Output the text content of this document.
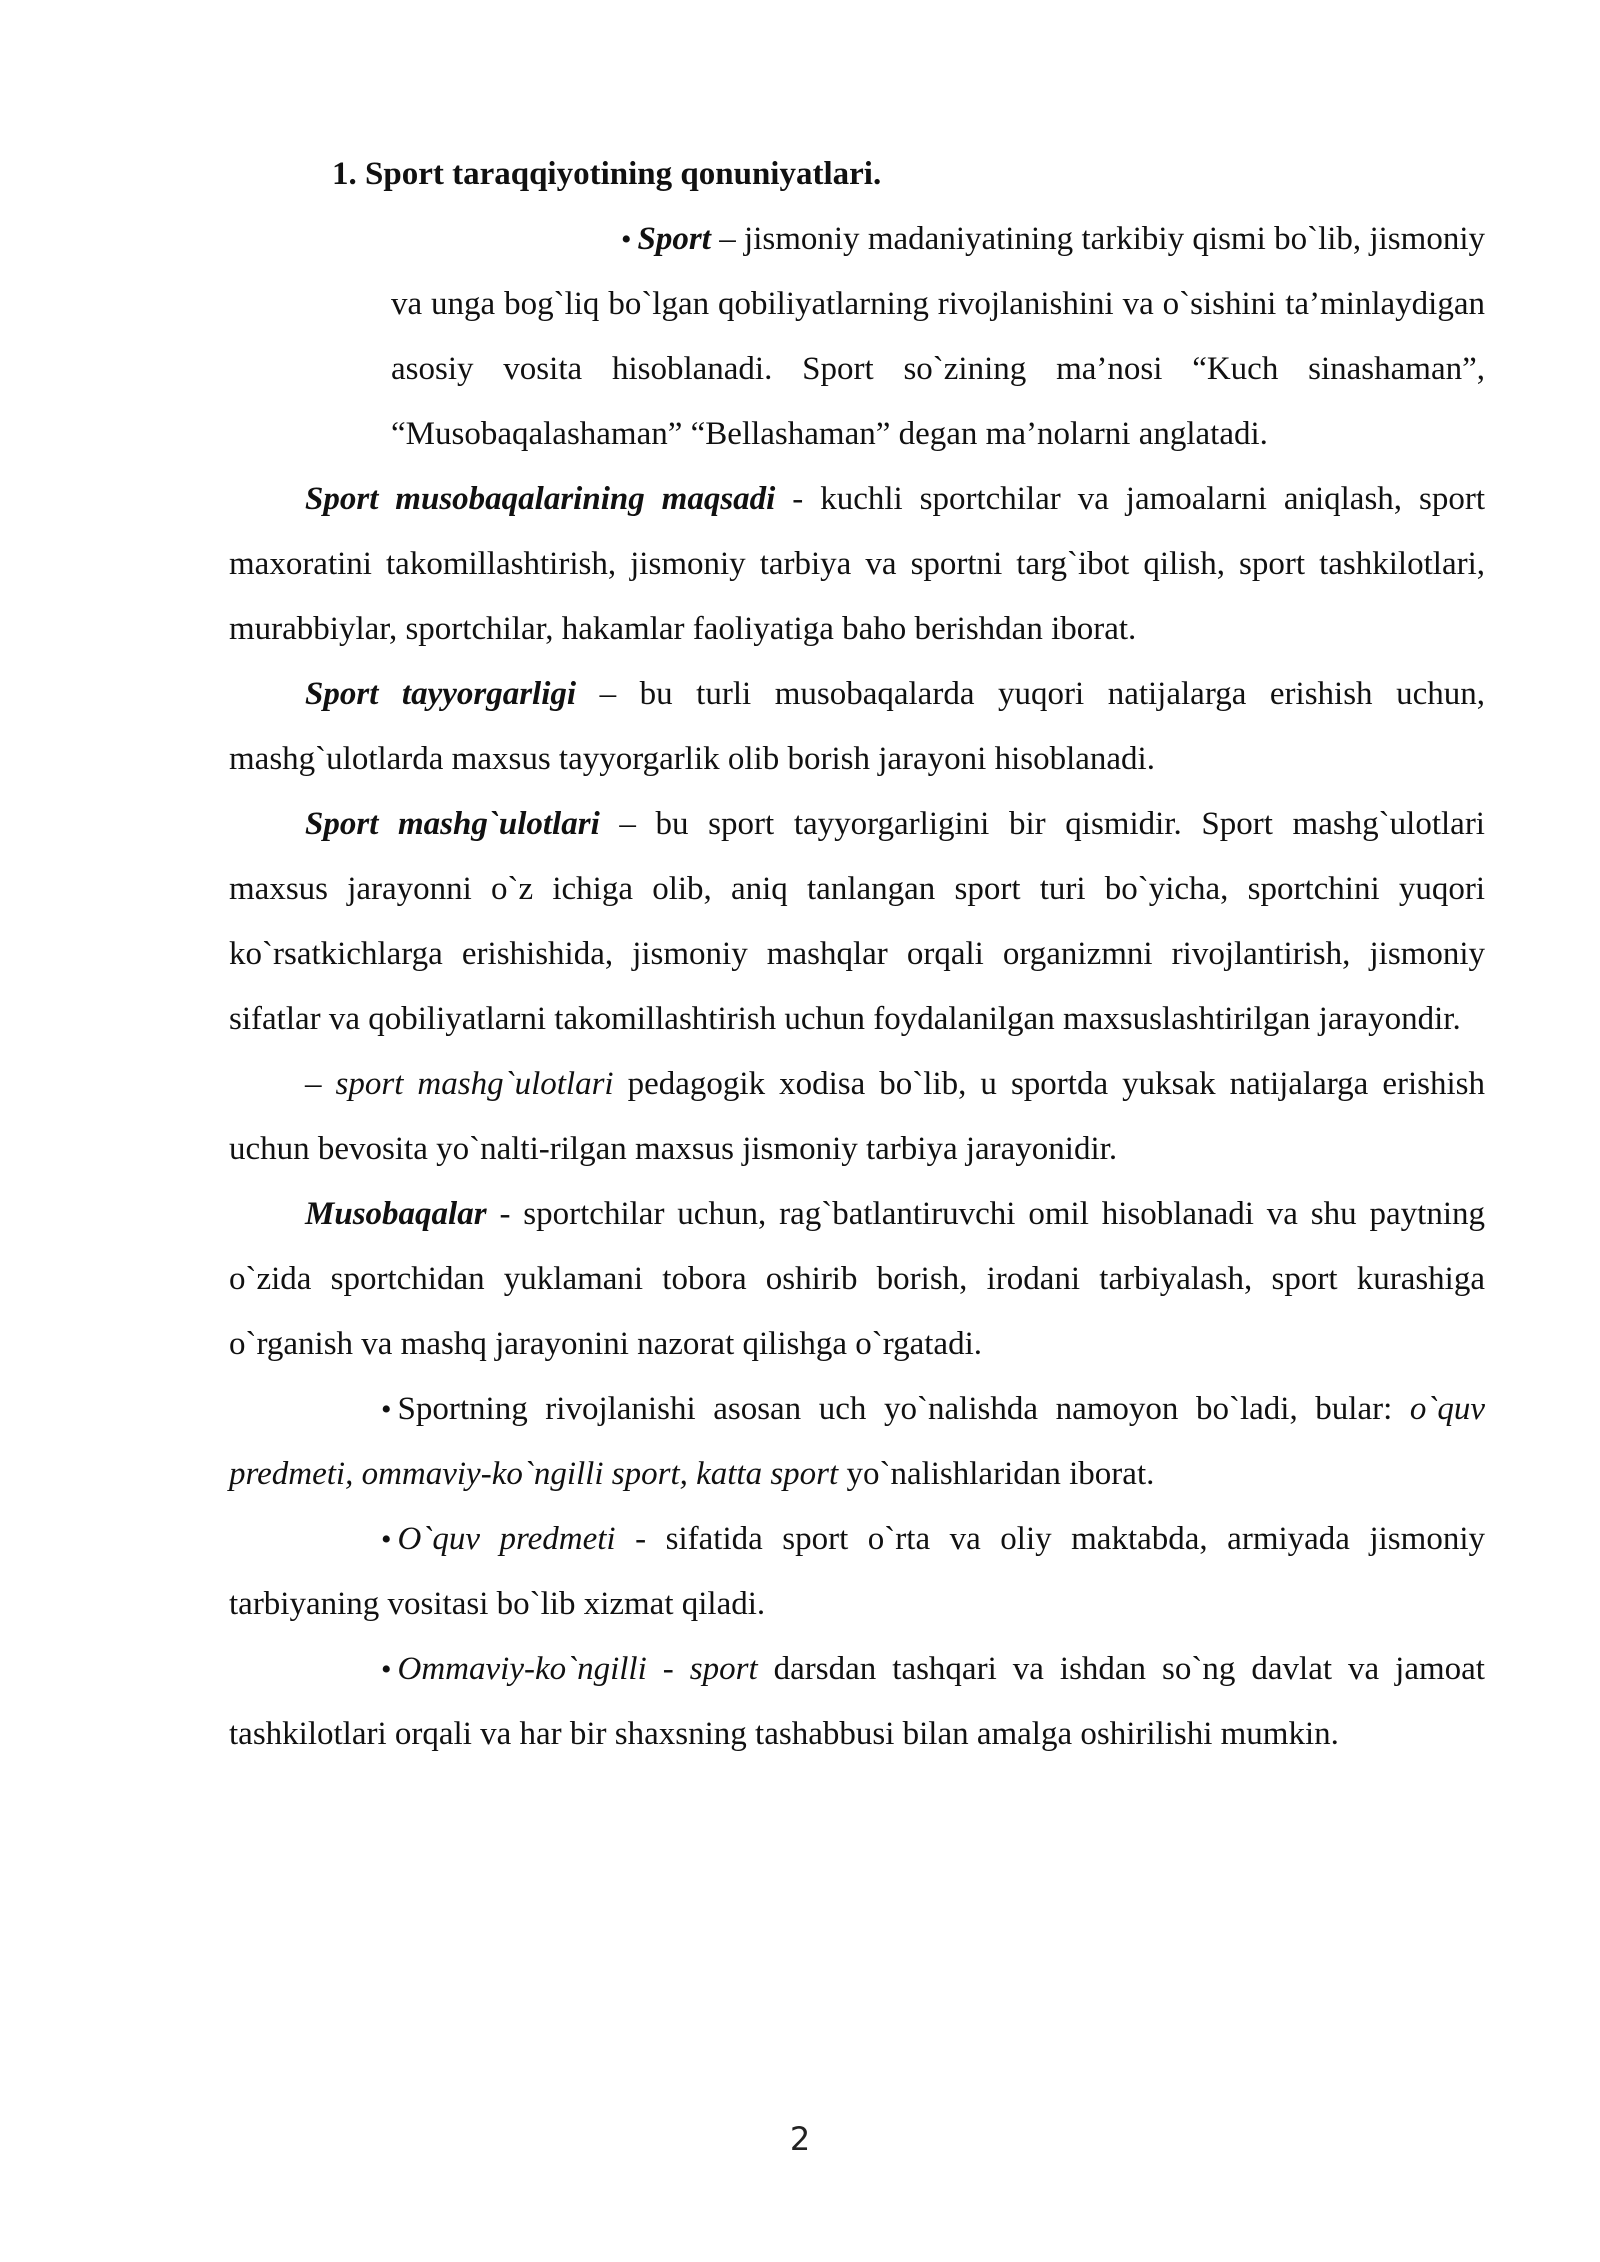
1. Sport taraqqiyotining qonuniyatlari.
• Sport – jismoniy madaniyatining tarkibiy qismi bo`lib, jismoniy va unga bog`liq bo`lgan qobiliyatlarning rivojlanishini va o`sishini ta’minlaydigan asosiy vosita hisoblanadi. Sport so`zining ma’nosi “Kuch sinashaman”, “Musobaqalashaman” “Bellashaman” degan ma’nolarni anglatadi.

Sport musobaqalarining maqsadi - kuchli sportchilar va jamoalarni aniqlash, sport maxoratini takomillashtirish, jismoniy tarbiya va sportni targ`ibot qilish, sport tashkilotlari, murabbiylar, sportchilar, hakamlar faoliyatiga baho berishdan iborat.

Sport tayyorgarligi – bu turli musobaqalarda yuqori natijalarga erishish uchun, mashg`ulotlarda maxsus tayyorgarlik olib borish jarayoni hisoblanadi.

Sport mashg`ulotlari – bu sport tayyorgarligini bir qismidir. Sport mashg`ulotlari maxsus jarayonni o`z ichiga olib, aniq tanlangan sport turi bo`yicha, sportchini yuqori ko`rsatkichlarga erishishida, jismoniy mashqlar orqali organizmni rivojlantirish, jismoniy sifatlar va qobiliyatlarni takomillashtirish uchun foydalanilgan maxsuslashtirilgan jarayondir.

– sport mashg`ulotlari pedagogik xodisa bo`lib, u sportda yuksak natijalarga erishish uchun bevosita yo`nalti-rilgan maxsus jismoniy tarbiya jarayonidir.

Musobaqalar - sportchilar uchun, rag`batlantiruvchi omil hisoblanadi va shu paytning o`zida sportchidan yuklamani tobora oshirib borish, irodani tarbiyalash, sport kurashiga o`rganish va mashq jarayonini nazorat qilishga o`rgatadi.

• Sportning rivojlanishi asosan uch yo`nalishda namoyon bo`ladi, bular: o`quv predmeti, ommaviy-ko`ngilli sport, katta sport yo`nalishlaridan iborat.

• O`quv predmeti - sifatida sport o`rta va oliy maktabda, armiyada jismoniy tarbiyaning vositasi bo`lib xizmat qiladi.

• Ommaviy-ko`ngilli - sport darsdan tashqari va ishdan so`ng davlat va jamoat tashkilotlari orqali va har bir shaxsning tashabbusi bilan amalga oshirilishi mumkin.

2
